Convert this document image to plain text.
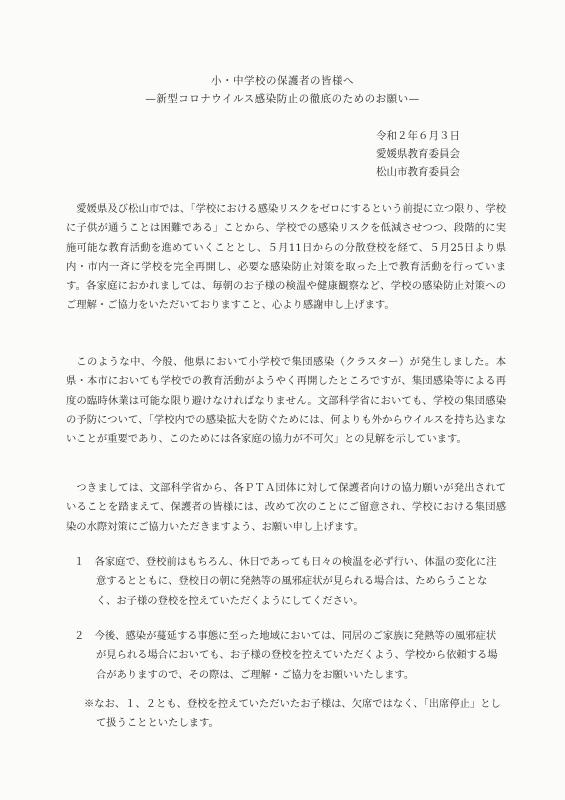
小・中学校の保護者の皆様へ
—新型コロナウイルス感染防止の徹底のためのお願い—
令和２年６月３日
愛媛県教育委員会
松山市教育委員会

愛媛県及び松山市では、「学校における感染リスクをゼロにするという前提に立つ限り、学校に子供が通うことは困難である」ことから、学校での感染リスクを低減させつつ、段階的に実施可能な教育活動を進めていくこととし、５月11日からの分散登校を経て、５月25日より県内・市内一斉に学校を完全再開し、必要な感染防止対策を取った上で教育活動を行っています。各家庭におかれましては、毎朝のお子様の検温や健康観察など、学校の感染防止対策へのご理解・ご協力をいただいておりますこと、心より感謝申し上げます。

このような中、今般、他県において小学校で集団感染（クラスター）が発生しました。本県・本市においても学校での教育活動がようやく再開したところですが、集団感染等による再度の臨時休業は可能な限り避けなければなりません。文部科学省においても、学校の集団感染の予防について、「学校内での感染拡大を防ぐためには、何よりも外からウイルスを持ち込まないことが重要であり、このためには各家庭の協力が不可欠」との見解を示しています。

つきましては、文部科学省から、各ＰＴＡ団体に対して保護者向けの協力願いが発出されていることを踏まえて、保護者の皆様には、改めて次のことにご留意され、学校における集団感染の水際対策にご協力いただきますよう、お願い申し上げます。

１　各家庭で、登校前はもちろん、休日であっても日々の検温を必ず行い、体温の変化に注意するとともに、登校日の朝に発熱等の風邪症状が見られる場合は、ためらうことなく、お子様の登校を控えていただくようにしてください。

２　今後、感染が蔓延する事態に至った地域においては、同居のご家族に発熱等の風邪症状が見られる場合においても、お子様の登校を控えていただくよう、学校から依頼する場合がありますので、その際は、ご理解・ご協力をお願いいたします。

※なお、１、２とも、登校を控えていただいたお子様は、欠席ではなく、「出席停止」として扱うことといたします。
